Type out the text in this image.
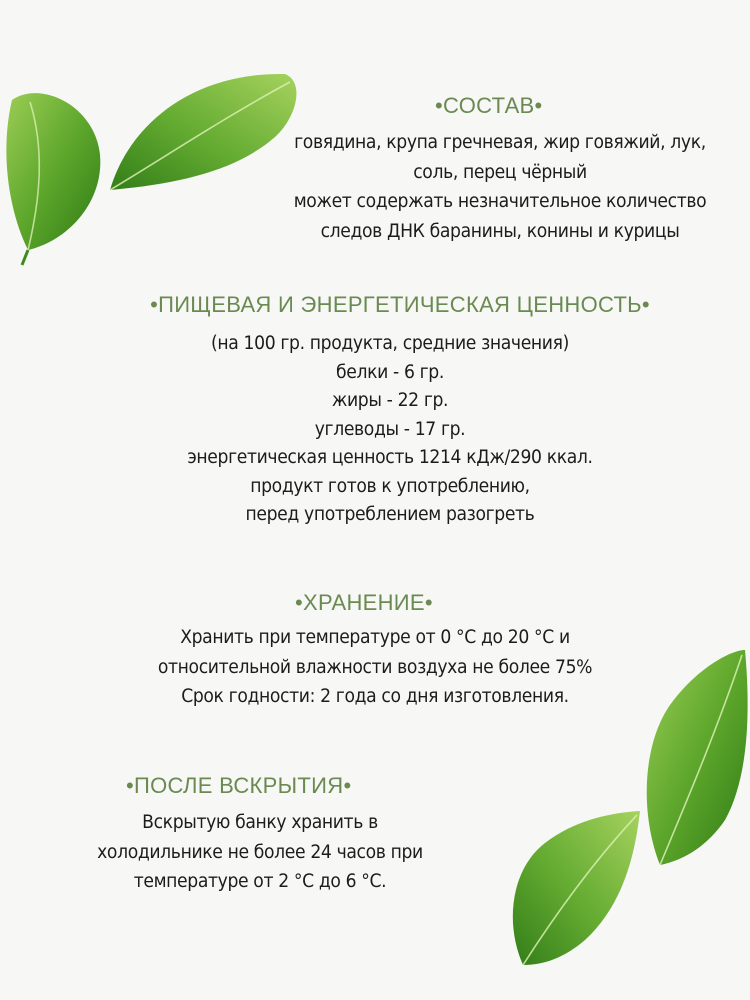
•СОСТАВ•
говядина, крупа гречневая, жир говяжий, лук,
соль, перец чёрный
может содержать незначительное количество
следов ДНК баранины, конины и курицы
•ПИЩЕВАЯ И ЭНЕРГЕТИЧЕСКАЯ ЦЕННОСТЬ•
(на 100 гр. продукта, средние значения)
белки - 6 гр.
жиры - 22 гр.
углеводы - 17 гр.
энергетическая ценность 1214 кДж/290 ккал.
продукт готов к употреблению,
перед употреблением разогреть
•ХРАНЕНИЕ•
Хранить при температуре от 0 °C до 20 °C и
относительной влажности воздуха не более 75%
Срок годности: 2 года со дня изготовления.
•ПОСЛЕ ВСКРЫТИЯ•
Вскрытую банку хранить в
холодильнике не более 24 часов при
температуре от 2 °C до 6 °C.
